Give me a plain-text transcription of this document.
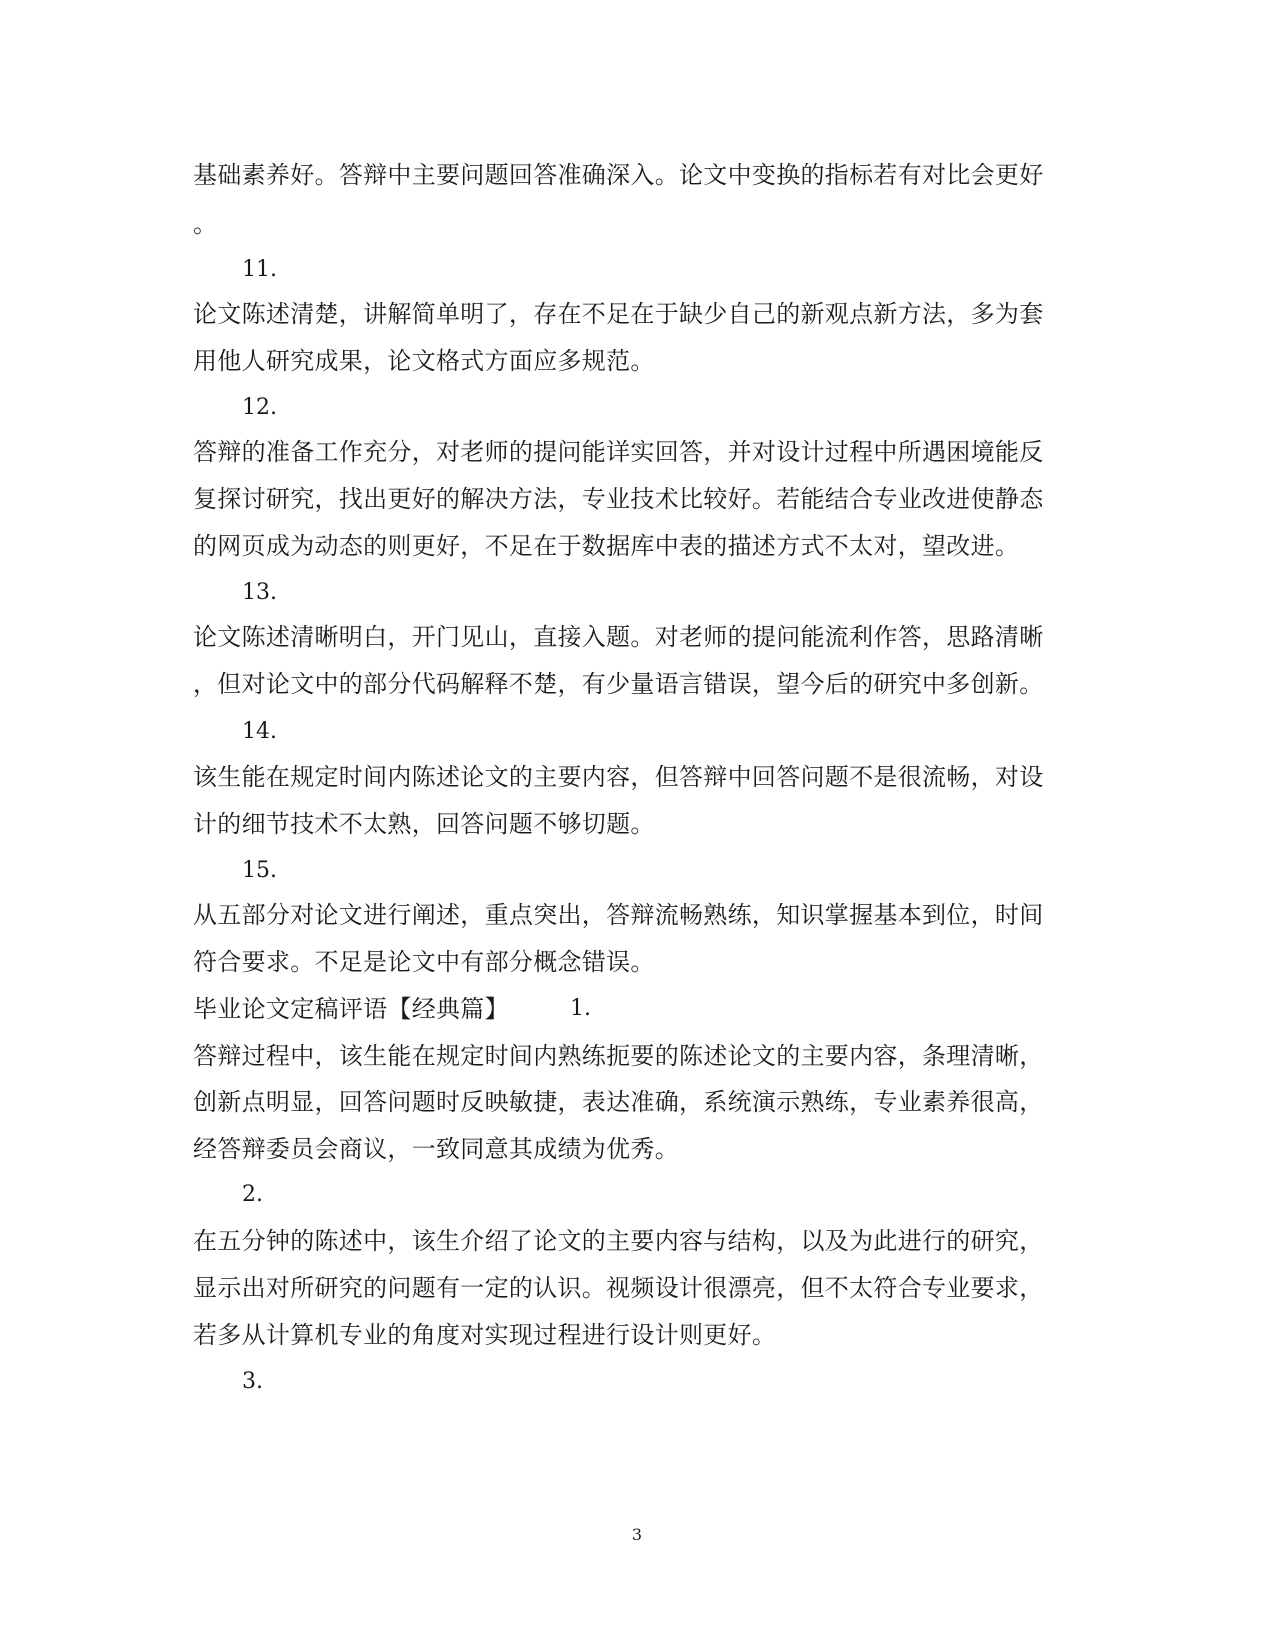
基础素养好。答辩中主要问题回答准确深入。论文中变换的指标若有对比会更好
。
11.
论文陈述清楚，讲解简单明了，存在不足在于缺少自己的新观点新方法，多为套
用他人研究成果，论文格式方面应多规范。
12.
答辩的准备工作充分，对老师的提问能详实回答，并对设计过程中所遇困境能反
复探讨研究，找出更好的解决方法，专业技术比较好。若能结合专业改进使静态
的网页成为动态的则更好，不足在于数据库中表的描述方式不太对，望改进。
13.
论文陈述清晰明白，开门见山，直接入题。对老师的提问能流利作答，思路清晰
，但对论文中的部分代码解释不楚，有少量语言错误，望今后的研究中多创新。
14.
该生能在规定时间内陈述论文的主要内容，但答辩中回答问题不是很流畅，对设
计的细节技术不太熟，回答问题不够切题。
15.
从五部分对论文进行阐述，重点突出，答辩流畅熟练，知识掌握基本到位，时间
符合要求。不足是论文中有部分概念错误。
毕业论文定稿评语【经典篇】	1.
答辩过程中，该生能在规定时间内熟练扼要的陈述论文的主要内容，条理清晰，
创新点明显，回答问题时反映敏捷，表达准确，系统演示熟练，专业素养很高，
经答辩委员会商议，一致同意其成绩为优秀。
2.
在五分钟的陈述中，该生介绍了论文的主要内容与结构，以及为此进行的研究，
显示出对所研究的问题有一定的认识。视频设计很漂亮，但不太符合专业要求，
若多从计算机专业的角度对实现过程进行设计则更好。
3.
3
